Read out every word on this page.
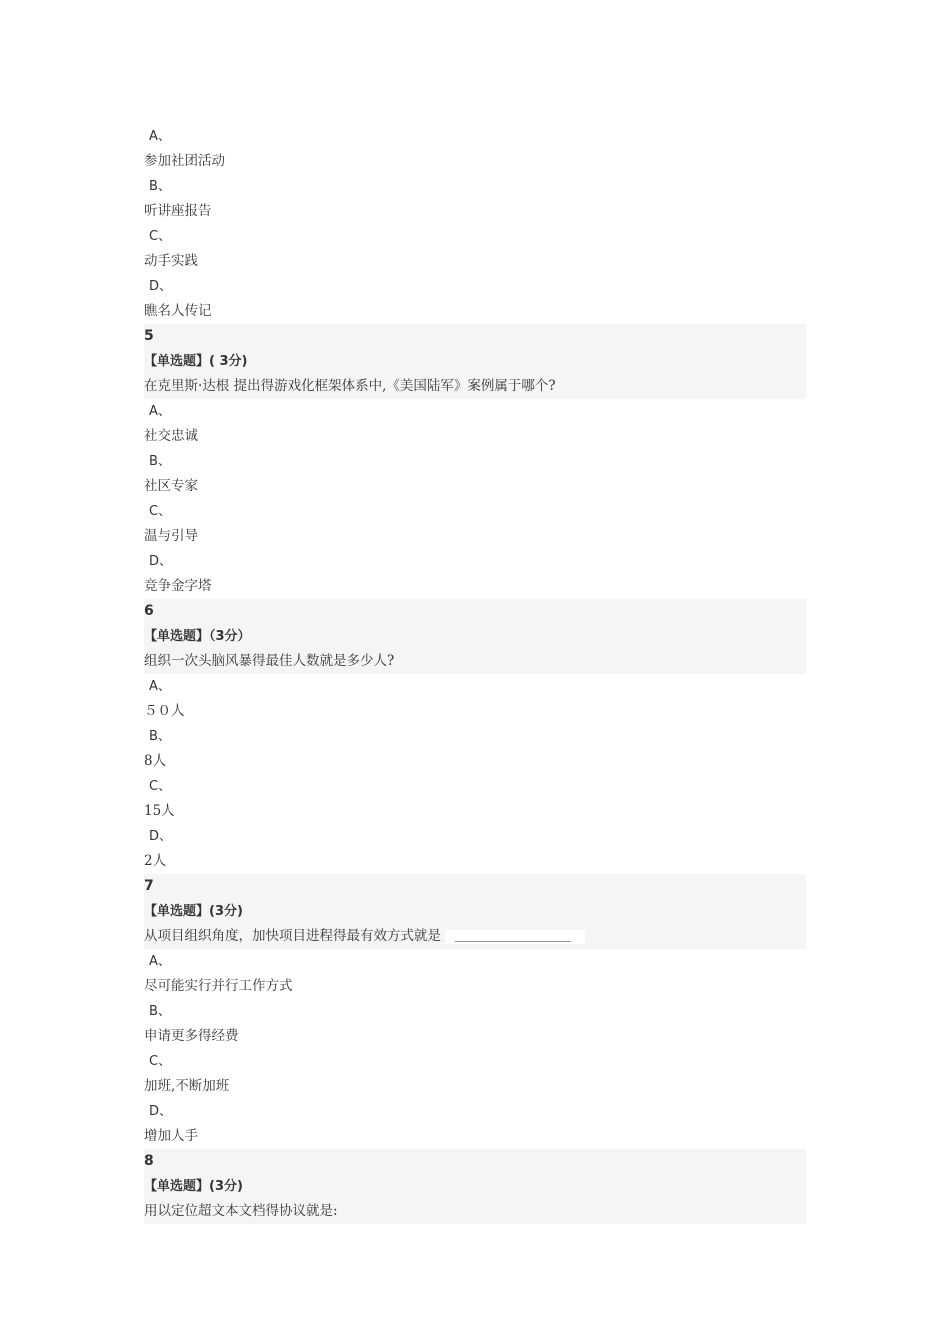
A、
参加社团活动
B、
听讲座报告
C、
动手实践
D、
瞧名人传记
5
【单选题】( 3分)
在克里斯·达根 提出得游戏化框架体系中,《美国陆军》案例属于哪个?
A、
社交忠诚
B、
社区专家
C、
温与引导
D、
竞争金字塔
6
【单选题】（3分）
组织一次头脑风暴得最佳人数就是多少人?
A、
５０人
B、
8人
C、
15人
D、
2人
7
【单选题】(3分)
从项目组织角度，加快项目进程得最有效方式就是
A、
尽可能实行并行工作方式
B、
申请更多得经费
C、
加班,不断加班
D、
增加人手
8
【单选题】(3分)
用以定位超文本文档得协议就是:
